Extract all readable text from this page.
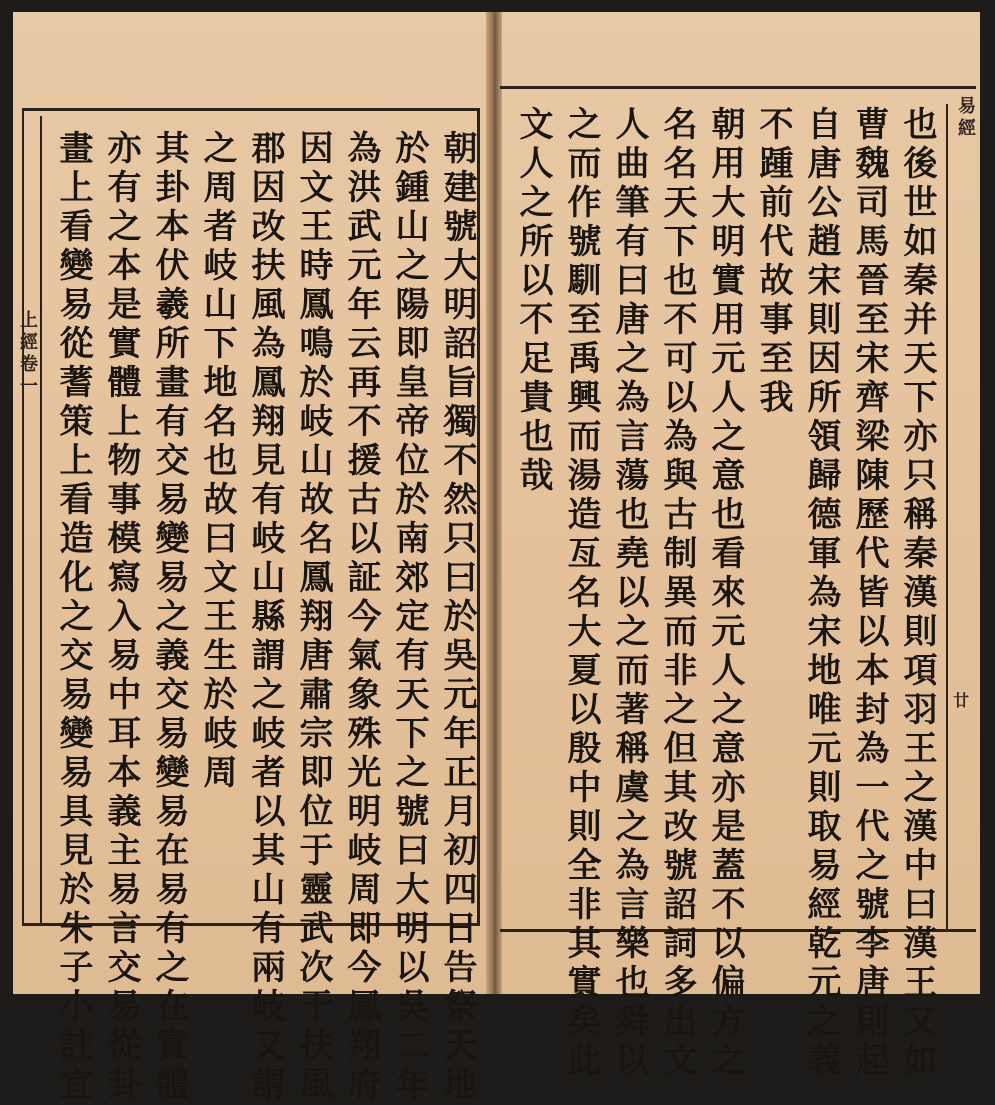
上經卷一
易經
廿
朝建號大明詔旨獨不然只曰於吳元年正月初四日告祭天地
於鍾山之陽即皇帝位於南郊定有天下之號曰大明以吳二年
為洪武元年云再不援古以証今氣象殊光明岐周即今鳳翔府
因文王時鳳鳴於岐山故名鳳翔唐肅宗即位于靈武次于扶風
郡因改扶風為鳳翔見有岐山縣謂之岐者以其山有兩岐又謂
之周者岐山下地名也故曰文王生於岐周
其卦本伏羲所畫有交易變易之義交易變易在易有之在實體
亦有之本是實體上物事模寫入易中耳本義主易言交易從卦
畫上看變易從蓍策上看造化之交易變易具見於朱子小註宜	也後世如秦并天下亦只稱秦漢則項羽王之漢中曰漢王又如
曹魏司馬晉至宋齊梁陳歷代皆以本封為一代之號李唐則起
自唐公趙宋則因所領歸德軍為宋地唯元則取易經乾元之義
不踵前代故事至我
朝用大明實用元人之意也看來元人之意亦是蓋不以偏方之
名名天下也不可以為與古制異而非之但其改號詔詞多出文
人曲筆有曰唐之為言蕩也堯以之而著稱虞之為言樂也舜以
之而作號馴至禹興而湯造亙名大夏以殷中則全非其實矣此
文人之所以不足貴也哉
